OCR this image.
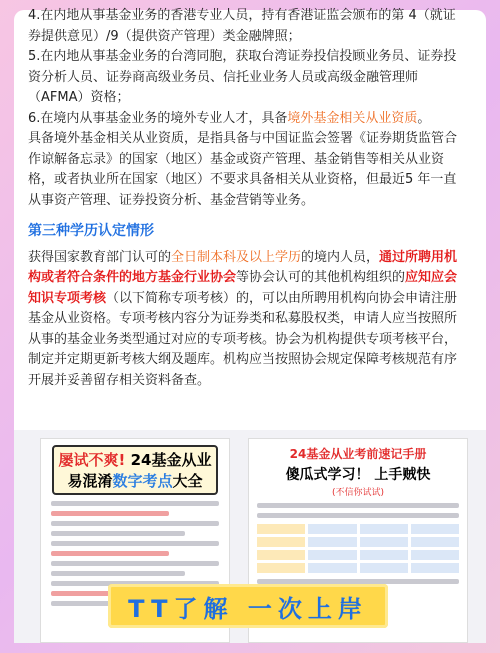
4.在内地从事基金业务的香港专业人员，持有香港证监会颁布的第 4（就证券提供意见）/9（提供资产管理）类金融牌照；

5.在内地从事基金业务的台湾同胞，获取台湾证券投信投顾业务员、证券投资分析人员、证券商高级业务员、信托业业务人员或高级金融管理师（AFMA）资格；

6.在境内从事基金业务的境外专业人才，具备境外基金相关从业资质。

具备境外基金相关从业资质，是指具备与中国证监会签署《证券期货监管合作谅解备忘录》的国家（地区）基金或资产管理、基金销售等相关从业资格，或者执业所在国家（地区）不要求具备相关从业资格，但最近5 年一直从事资产管理、证券投资分析、基金营销等业务。

第三种学历认定情形

获得国家教育部门认可的全日制本科及以上学历的境内人员，通过所聘用机构或者符合条件的地方基金行业协会等协会认可的其他机构组织的应知应会知识专项考核（以下简称专项考核）的，可以由所聘用机构向协会申请注册基金从业资格。专项考核内容分为证券类和私募股权类，申请人应当按照所从事的基金业务类型通过对应的专项考核。协会为机构提供专项考核平台，制定并定期更新考核大纲及题库。机构应当按照协会规定保障考核规范有序开展并妥善留存相关资料备查。

屡试不爽! 24基金从业
易混淆数字考点大全
24基金从业考前速记手册
傻瓜式学习！ 上手贼快
(不信你试试)
TT了解 一次上岸
